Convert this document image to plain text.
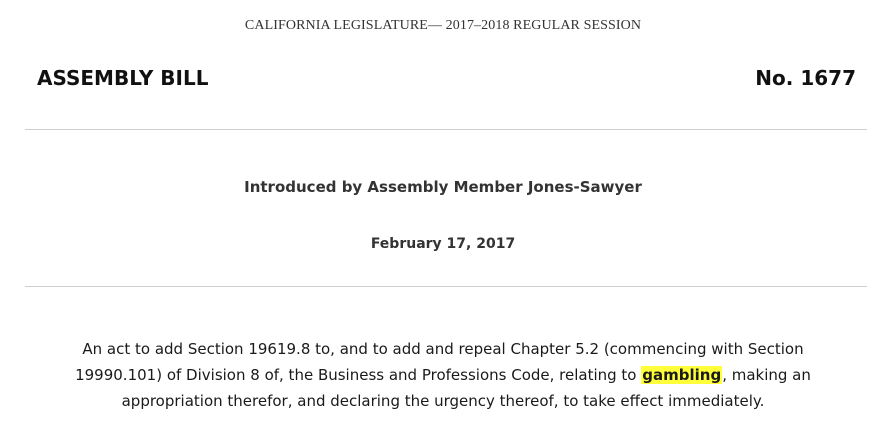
CALIFORNIA LEGISLATURE— 2017–2018 REGULAR SESSION
ASSEMBLY BILL	No. 1677
Introduced by Assembly Member Jones-Sawyer
February 17, 2017
An act to add Section 19619.8 to, and to add and repeal Chapter 5.2 (commencing with Section 19990.101) of Division 8 of, the Business and Professions Code, relating to gambling, making an appropriation therefor, and declaring the urgency thereof, to take effect immediately.
